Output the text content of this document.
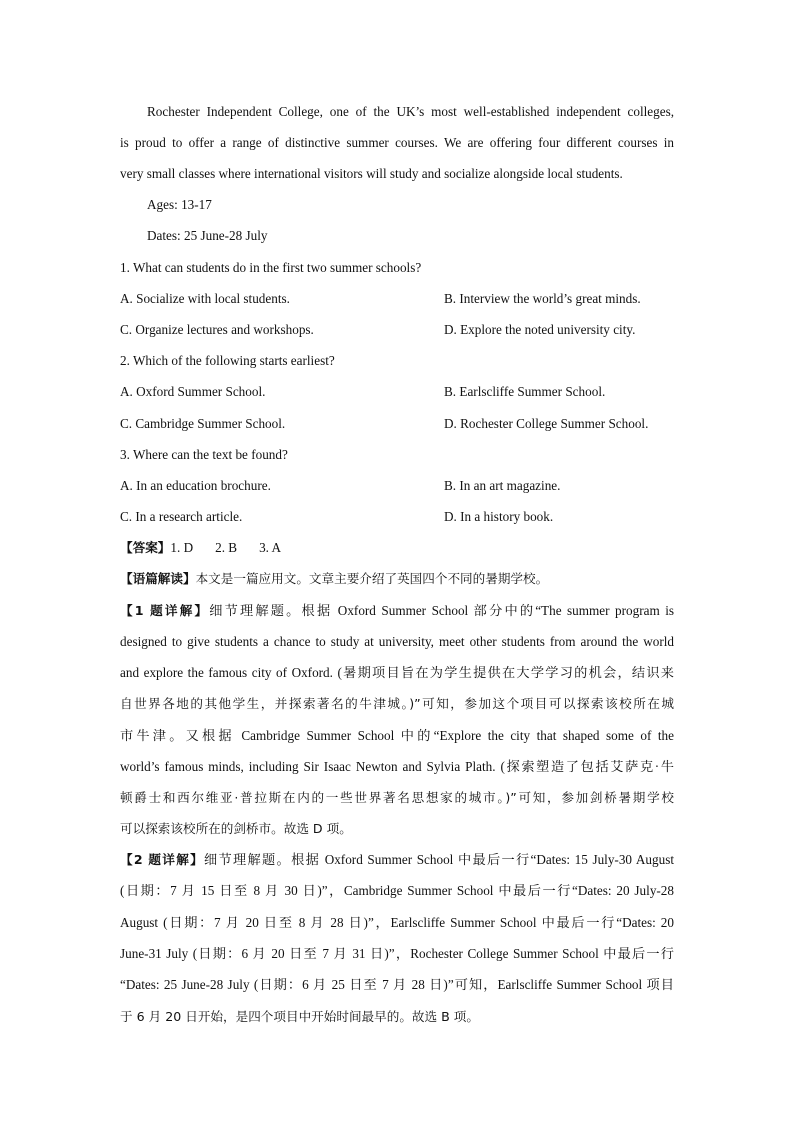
Rochester Independent College, one of the UK’s most well-established independent colleges,
is proud to offer a range of distinctive summer courses. We are offering four different courses in
very small classes where international visitors will study and socialize alongside local students.
Ages: 13-17
Dates: 25 June-28 July
1. What can students do in the first two summer schools?
A. Socialize with local students.	B. Interview the world’s great minds.
C. Organize lectures and workshops.	D. Explore the noted university city.
2. Which of the following starts earliest?
A. Oxford Summer School.	B. Earlscliffe Summer School.
C. Cambridge Summer School.	D. Rochester College Summer School.
3. Where can the text be found?
A. In an education brochure.	B. In an art magazine.
C. In a research article.	D. In a history book.
【答案】1. D 2. B 3. A
【语篇解读】本文是一篇应用文。文章主要介绍了英国四个不同的暑期学校。
【1 题详解】细节理解题。根据 Oxford Summer School 部分中的“The summer program is
designed to give students a chance to study at university, meet other students from around the world
and explore the famous city of Oxford. (暑期项目旨在为学生提供在大学学习的机会，结识来
自世界各地的其他学生，并探索著名的牛津城。)”可知，参加这个项目可以探索该校所在城
市牛津。又根据 Cambridge Summer School 中的“Explore the city that shaped some of the
world’s famous minds, including Sir Isaac Newton and Sylvia Plath. (探索塑造了包括艾萨克·牛
顿爵士和西尔维亚·普拉斯在内的一些世界著名思想家的城市。)”可知，参加剑桥暑期学校
可以探索该校所在的剑桥市。故选 D 项。
【2 题详解】细节理解题。根据 Oxford Summer School 中最后一行“Dates: 15 July-30 August
(日期：7 月 15 日至 8 月 30 日)”，Cambridge Summer School 中最后一行“Dates: 20 July-28
August (日期：7 月 20 日至 8 月 28 日)”，Earlscliffe Summer School 中最后一行“Dates: 20
June-31 July (日期：6 月 20 日至 7 月 31 日)”，Rochester College Summer School 中最后一行
“Dates: 25 June-28 July (日期：6 月 25 日至 7 月 28 日)”可知，Earlscliffe Summer School 项目
于 6 月 20 日开始，是四个项目中开始时间最早的。故选 B 项。
